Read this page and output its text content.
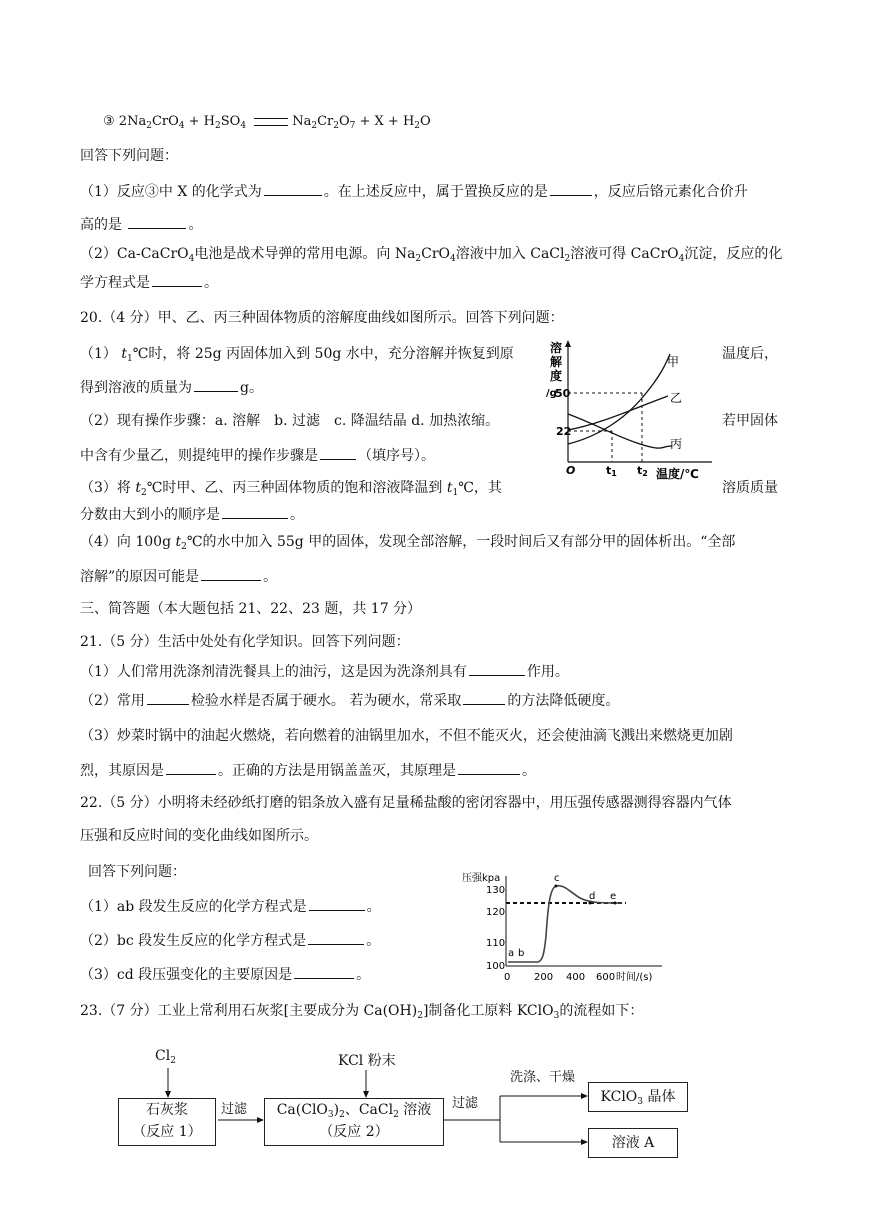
③ $2Na_2CrO_4 + H_2SO_4$	$Na_2Cr_2O_7 + X + H_2O$
回答下列问题：
（1）反应③中 X 的化学式为	。在上述反应中，属于置换反应的是	，反应后铬元素化合价升
高的是	。
（2）Ca-CaCrO$_4$电池是战术导弹的常用电源。向 $Na_2CrO_4$溶液中加入 CaCl$_2$溶液可得 CaCrO$_4$沉淀，反应的化
学方程式是	。
20.（4 分）甲、乙、丙三种固体物质的溶解度曲线如图所示。回答下列问题：
（1） $t_1℃$时，将 25g 丙固体加入到 50g 水中，充分溶解并恢复到原	温度后，
得到溶液的质量为	g。
（2）现有操作步骤：a. 溶解　b. 过滤　c. 降温结晶 d. 加热浓缩。	若甲固体
中含有少量乙，则提纯甲的操作步骤是	（填序号）。
（3）将 $t_2℃$时甲、乙、丙三种固体物质的饱和溶液降温到 $t_1℃$，其	溶质质量
分数由大到小的顺序是	。
（4）向 100g $t_2℃$的水中加入 55g 甲的固体，发现全部溶解，一段时间后又有部分甲的固体析出。“全部
溶解”的原因可能是	。
溶
解
度
/g
50
22
O
甲
乙
丙
t1 t2 温度/℃
三、简答题（本大题包括 21、22、23 题，共 17 分）
21.（5 分）生活中处处有化学知识。回答下列问题：
（1）人们常用洗涤剂清洗餐具上的油污，这是因为洗涤剂具有	作用。
（2）常用	检验水样是否属于硬水。 若为硬水，常采取	的方法降低硬度。
（3）炒菜时锅中的油起火燃烧，若向燃着的油锅里加水，不但不能灭火，还会使油滴飞溅出来燃烧更加剧
烈，其原因是	。正确的方法是用锅盖盖灭，其原理是	。
22.（5 分）小明将未经砂纸打磨的铝条放入盛有足量稀盐酸的密闭容器中，用压强传感器测得容器内气体
压强和反应时间的变化曲线如图所示。
回答下列问题：
（1）ab 段发生反应的化学方程式是	。
（2）bc 段发生反应的化学方程式是	。
（3）cd 段压强变化的主要原因是	。
压强kpa
130
120
110
100
a b
c
d e
0 200 400 600 时间/(s)
23.（7 分）工业上常利用石灰浆[主要成分为 $Ca(OH)_2$]制备化工原料 KClO$_3$的流程如下：
$Cl_2$	KCl 粉末
石灰浆
（反应 1）
过滤	$Ca(ClO_3)_2$、CaCl$_2$ 溶液
（反应 2）
过滤
洗涤、干燥
KClO$_3$ 晶体
溶液 A
